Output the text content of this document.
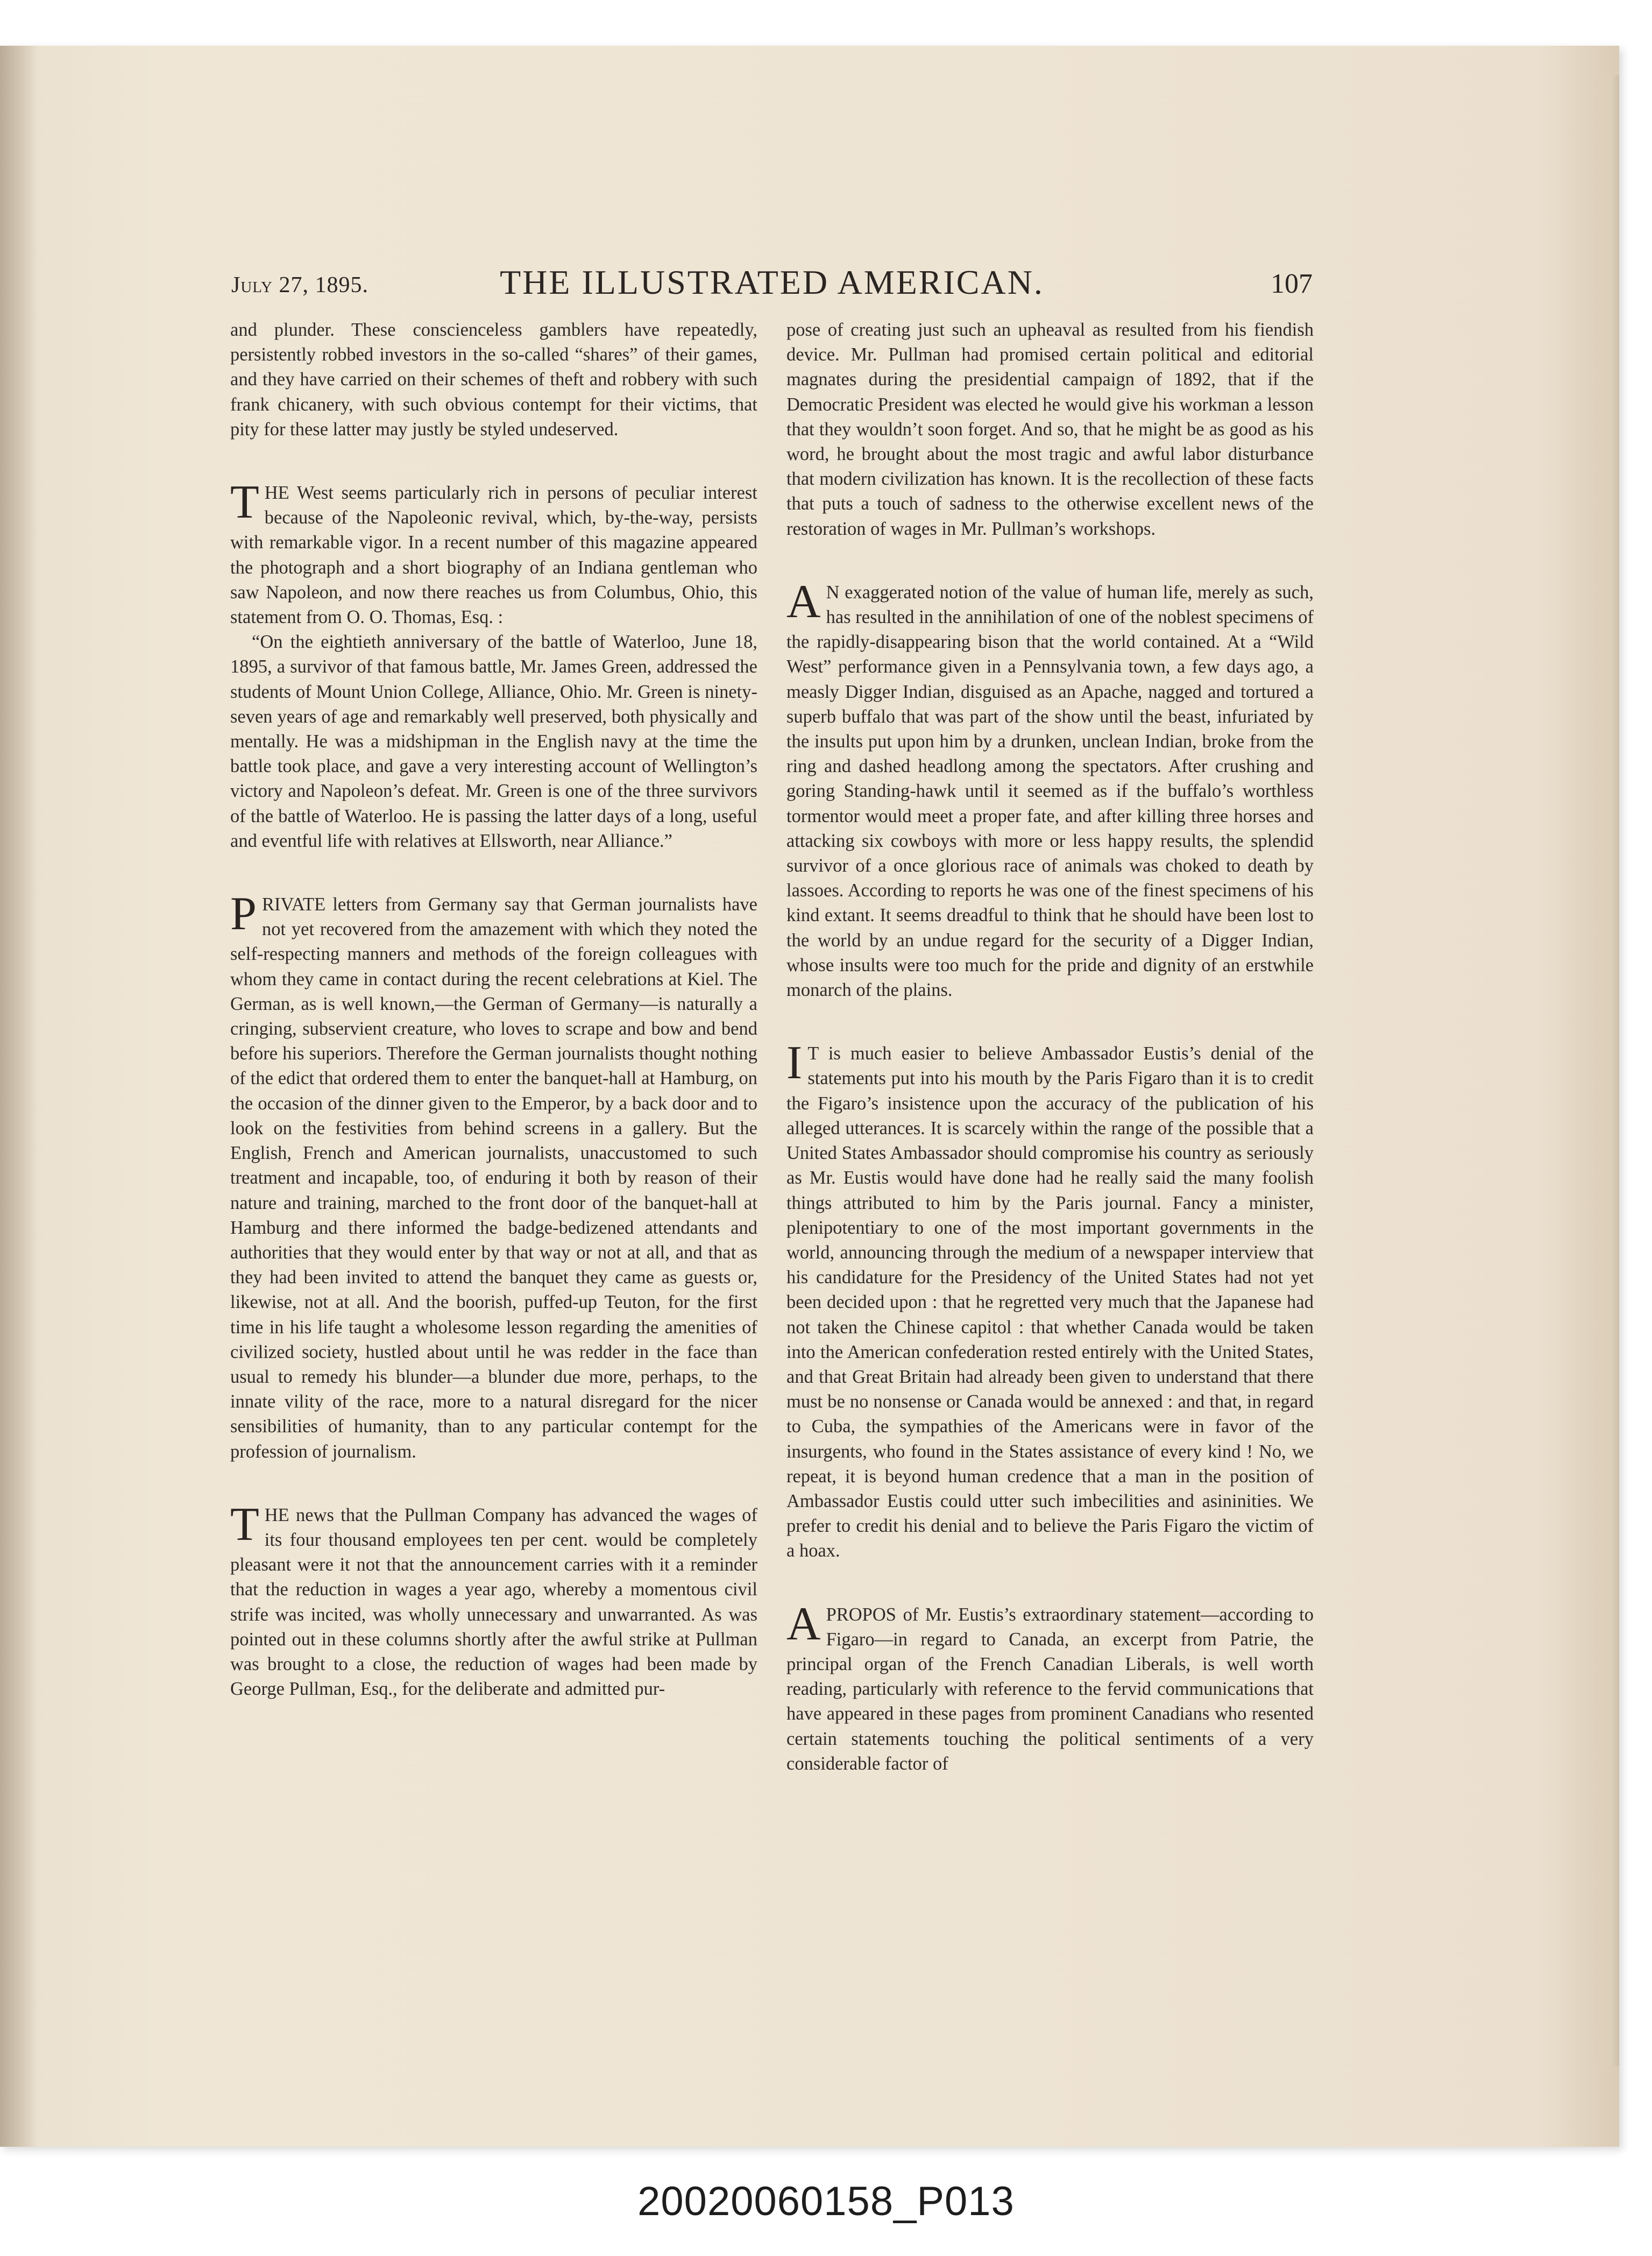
July 27, 1895.	THE ILLUSTRATED AMERICAN.	107

and plunder. These conscienceless gamblers have repeatedly, persistently robbed investors in the so-called “shares” of their games, and they have carried on their schemes of theft and robbery with such frank chicanery, with such obvious contempt for their victims, that pity for these latter may justly be styled undeserved.

THE West seems particularly rich in persons of peculiar interest because of the Napoleonic revival, which, by-the-way, persists with remarkable vigor. In a recent number of this magazine appeared the photograph and a short biography of an Indiana gentleman who saw Napoleon, and now there reaches us from Columbus, Ohio, this statement from O. O. Thomas, Esq. :

“On the eightieth anniversary of the battle of Waterloo, June 18, 1895, a survivor of that famous battle, Mr. James Green, addressed the students of Mount Union College, Alliance, Ohio. Mr. Green is ninety-seven years of age and remarkably well preserved, both physically and mentally. He was a midshipman in the English navy at the time the battle took place, and gave a very interesting account of Wellington’s victory and Napoleon’s defeat. Mr. Green is one of the three survivors of the battle of Waterloo. He is passing the latter days of a long, useful and eventful life with relatives at Ellsworth, near Alliance.”

PRIVATE letters from Germany say that German journalists have not yet recovered from the amazement with which they noted the self-respecting manners and methods of the foreign colleagues with whom they came in contact during the recent celebrations at Kiel. The German, as is well known,—the German of Germany—is naturally a cringing, subservient creature, who loves to scrape and bow and bend before his superiors. Therefore the German journalists thought nothing of the edict that ordered them to enter the banquet-hall at Hamburg, on the occasion of the dinner given to the Emperor, by a back door and to look on the festivities from behind screens in a gallery. But the English, French and American journalists, unaccustomed to such treatment and incapable, too, of enduring it both by reason of their nature and training, marched to the front door of the banquet-hall at Hamburg and there informed the badge-bedizened attendants and authorities that they would enter by that way or not at all, and that as they had been invited to attend the banquet they came as guests or, likewise, not at all. And the boorish, puffed-up Teuton, for the first time in his life taught a wholesome lesson regarding the amenities of civilized society, hustled about until he was redder in the face than usual to remedy his blunder—a blunder due more, perhaps, to the innate vility of the race, more to a natural disregard for the nicer sensibilities of humanity, than to any particular contempt for the profession of journalism.

THE news that the Pullman Company has advanced the wages of its four thousand employees ten per cent. would be completely pleasant were it not that the announcement carries with it a reminder that the reduction in wages a year ago, whereby a momentous civil strife was incited, was wholly unnecessary and unwarranted. As was pointed out in these columns shortly after the awful strike at Pullman was brought to a close, the reduction of wages had been made by George Pullman, Esq., for the deliberate and admitted pur-

pose of creating just such an upheaval as resulted from his fiendish device. Mr. Pullman had promised certain political and editorial magnates during the presidential campaign of 1892, that if the Democratic President was elected he would give his workman a lesson that they wouldn’t soon forget. And so, that he might be as good as his word, he brought about the most tragic and awful labor disturbance that modern civilization has known. It is the recollection of these facts that puts a touch of sadness to the otherwise excellent news of the restoration of wages in Mr. Pullman’s workshops.

A N exaggerated notion of the value of human life, merely as such, has resulted in the annihilation of one of the noblest specimens of the rapidly-disappearing bison that the world contained. At a “Wild West” performance given in a Pennsylvania town, a few days ago, a measly Digger Indian, disguised as an Apache, nagged and tortured a superb buffalo that was part of the show until the beast, infuriated by the insults put upon him by a drunken, unclean Indian, broke from the ring and dashed headlong among the spectators. After crushing and goring Standing-hawk until it seemed as if the buffalo’s worthless tormentor would meet a proper fate, and after killing three horses and attacking six cowboys with more or less happy results, the splendid survivor of a once glorious race of animals was choked to death by lassoes. According to reports he was one of the finest specimens of his kind extant. It seems dreadful to think that he should have been lost to the world by an undue regard for the security of a Digger Indian, whose insults were too much for the pride and dignity of an erstwhile monarch of the plains.

I T is much easier to believe Ambassador Eustis’s denial of the statements put into his mouth by the Paris Figaro than it is to credit the Figaro’s insistence upon the accuracy of the publication of his alleged utterances. It is scarcely within the range of the possible that a United States Ambassador should compromise his country as seriously as Mr. Eustis would have done had he really said the many foolish things attributed to him by the Paris journal. Fancy a minister, plenipotentiary to one of the most important governments in the world, announcing through the medium of a newspaper interview that his candidature for the Presidency of the United States had not yet been decided upon : that he regretted very much that the Japanese had not taken the Chinese capitol : that whether Canada would be taken into the American confederation rested entirely with the United States, and that Great Britain had already been given to understand that there must be no nonsense or Canada would be annexed : and that, in regard to Cuba, the sympathies of the Americans were in favor of the insurgents, who found in the States assistance of every kind ! No, we repeat, it is beyond human credence that a man in the position of Ambassador Eustis could utter such imbecilities and asininities. We prefer to credit his denial and to believe the Paris Figaro the victim of a hoax.

APROPOS of Mr. Eustis’s extraordinary statement—according to Figaro—in regard to Canada, an excerpt from Patrie, the principal organ of the French Canadian Liberals, is well worth reading, particularly with reference to the fervid communications that have appeared in these pages from prominent Canadians who resented certain statements touching the political sentiments of a very considerable factor of

20020060158_P013
